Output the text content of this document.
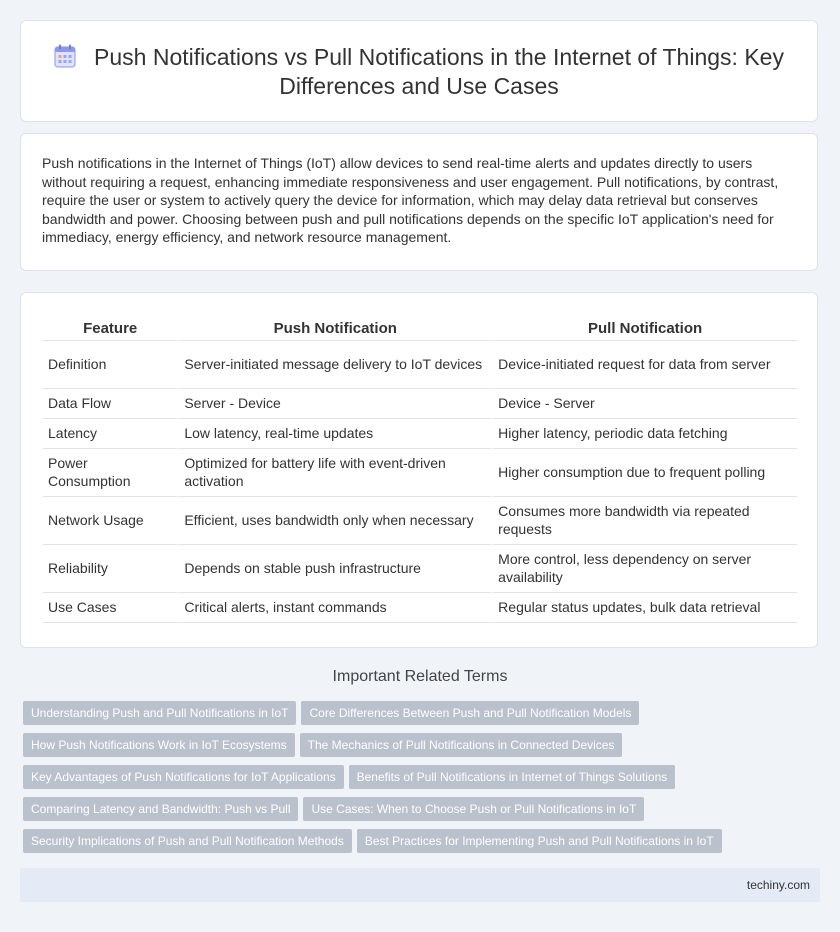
Push Notifications vs Pull Notifications in the Internet of Things: Key Differences and Use Cases
Push notifications in the Internet of Things (IoT) allow devices to send real-time alerts and updates directly to users without requiring a request, enhancing immediate responsiveness and user engagement. Pull notifications, by contrast, require the user or system to actively query the device for information, which may delay data retrieval but conserves bandwidth and power. Choosing between push and pull notifications depends on the specific IoT application's need for immediacy, energy efficiency, and network resource management.
Feature	Push Notification	Pull Notification
Definition	Server-initiated message delivery to IoT devices	Device-initiated request for data from server
Data Flow	Server - Device	Device - Server
Latency	Low latency, real-time updates	Higher latency, periodic data fetching
Power Consumption	Optimized for battery life with event-driven activation	Higher consumption due to frequent polling
Network Usage	Efficient, uses bandwidth only when necessary	Consumes more bandwidth via repeated requests
Reliability	Depends on stable push infrastructure	More control, less dependency on server availability
Use Cases	Critical alerts, instant commands	Regular status updates, bulk data retrieval
Important Related Terms
Understanding Push and Pull Notifications in IoT Core Differences Between Push and Pull Notification Models
How Push Notifications Work in IoT Ecosystems The Mechanics of Pull Notifications in Connected Devices
Key Advantages of Push Notifications for IoT Applications Benefits of Pull Notifications in Internet of Things Solutions
Comparing Latency and Bandwidth: Push vs Pull Use Cases: When to Choose Push or Pull Notifications in IoT
Security Implications of Push and Pull Notification Methods Best Practices for Implementing Push and Pull Notifications in IoT
techiny.com
